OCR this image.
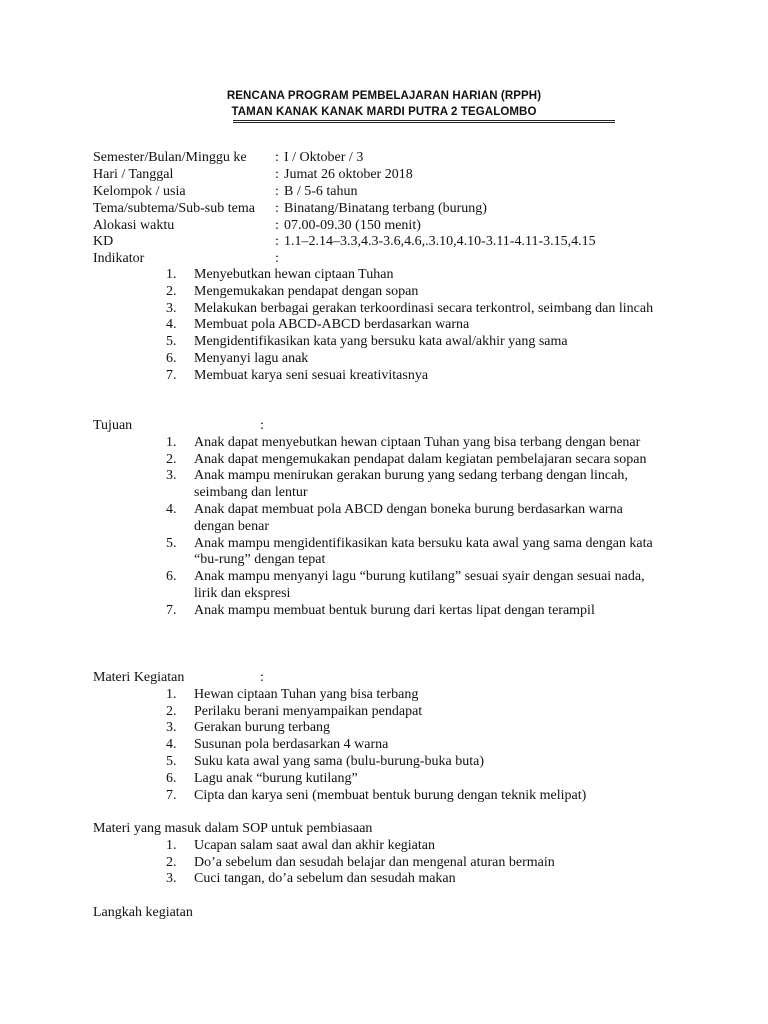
RENCANA PROGRAM PEMBELAJARAN HARIAN (RPPH)
TAMAN KANAK KANAK MARDI PUTRA 2 TEGALOMBO
Semester/Bulan/Minggu ke : I / Oktober / 3
Hari / Tanggal	: Jumat 26 oktober 2018
Kelompok / usia	: B / 5-6 tahun
Tema/subtema/Sub-sub tema : Binatang/Binatang terbang (burung)
Alokasi waktu	: 07.00-09.30 (150 menit)
KD	: 1.1–2.14–3.3,4.3-3.6,4.6,.3.10,4.10-3.11-4.11-3.15,4.15
Indikator	:
1. Menyebutkan hewan ciptaan Tuhan
2. Mengemukakan pendapat dengan sopan
3. Melakukan berbagai gerakan terkoordinasi secara terkontrol, seimbang dan lincah
4. Membuat pola ABCD-ABCD berdasarkan warna
5. Mengidentifikasikan kata yang bersuku kata awal/akhir yang sama
6. Menyanyi lagu anak
7. Membuat karya seni sesuai kreativitasnya
Tujuan	:
1. Anak dapat menyebutkan hewan ciptaan Tuhan yang bisa terbang dengan benar
2. Anak dapat mengemukakan pendapat dalam kegiatan pembelajaran secara sopan
3. Anak mampu menirukan gerakan burung yang sedang terbang dengan lincah, seimbang dan lentur
4. Anak dapat membuat pola ABCD dengan boneka burung berdasarkan warna dengan benar
5. Anak mampu mengidentifikasikan kata bersuku kata awal yang sama dengan kata “bu-rung” dengan tepat
6. Anak mampu menyanyi lagu “burung kutilang” sesuai syair dengan sesuai nada, lirik dan ekspresi
7. Anak mampu membuat bentuk burung dari kertas lipat dengan terampil
Materi Kegiatan	:
1. Hewan ciptaan Tuhan yang bisa terbang
2. Perilaku berani menyampaikan pendapat
3. Gerakan burung terbang
4. Susunan pola berdasarkan 4 warna
5. Suku kata awal yang sama (bulu-burung-buka buta)
6. Lagu anak “burung kutilang”
7. Cipta dan karya seni (membuat bentuk burung dengan teknik melipat)
Materi yang masuk dalam SOP untuk pembiasaan
1. Ucapan salam saat awal dan akhir kegiatan
2. Do’a sebelum dan sesudah belajar dan mengenal aturan bermain
3. Cuci tangan, do’a sebelum dan sesudah makan
Langkah kegiatan
